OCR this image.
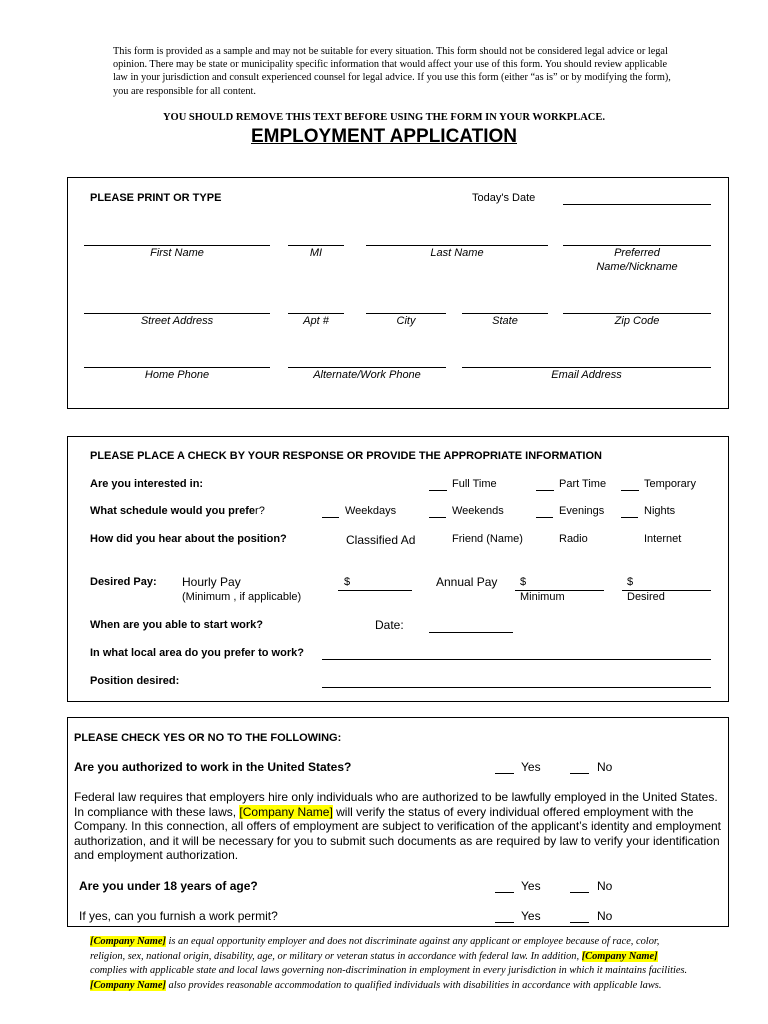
This form is provided as a sample and may not be suitable for every situation. This form should not be considered legal advice or legal opinion. There may be state or municipality specific information that would affect your use of this form. You should review applicable law in your jurisdiction and consult experienced counsel for legal advice. If you use this form (either “as is” or by modifying the form), you are responsible for all content.
YOU SHOULD REMOVE THIS TEXT BEFORE USING THE FORM IN YOUR WORKPLACE.
EMPLOYMENT APPLICATION
PLEASE PRINT OR TYPE	Today's Date
First Name	MI	Last Name	Preferred
Name/Nickname
Street Address	Apt #	City	State	Zip Code
Home Phone	Alternate/Work Phone	Email Address
PLEASE PLACE A CHECK BY YOUR RESPONSE OR PROVIDE THE APPROPRIATE INFORMATION
Are you interested in:	Full Time	Part Time	Temporary
What schedule would you prefer?	Weekdays	Weekends	Evenings	Nights
How did you hear about the position?	Classified Ad	Friend (Name)	Radio	Internet
Desired Pay: Hourly Pay
(Minimum , if applicable)
$	Annual Pay $	$
Minimum	Desired
When are you able to start work?	Date:
In what local area do you prefer to work?
Position desired:
PLEASE CHECK YES OR NO TO THE FOLLOWING:
Are you authorized to work in the United States?	Yes	No
Federal law requires that employers hire only individuals who are authorized to be lawfully employed in the United States. In compliance with these laws, [Company Name] will verify the status of every individual offered employment with the Company. In this connection, all offers of employment are subject to verification of the applicant’s identity and employment authorization, and it will be necessary for you to submit such documents as are required by law to verify your identification and employment authorization.
Are you under 18 years of age?	Yes	No
If yes, can you furnish a work permit?	Yes	No
[Company Name] is an equal opportunity employer and does not discriminate against any applicant or employee because of race, color, religion, sex, national origin, disability, age, or military or veteran status in accordance with federal law. In addition, [Company Name] complies with applicable state and local laws governing non-discrimination in employment in every jurisdiction in which it maintains facilities. [Company Name] also provides reasonable accommodation to qualified individuals with disabilities in accordance with applicable laws.
